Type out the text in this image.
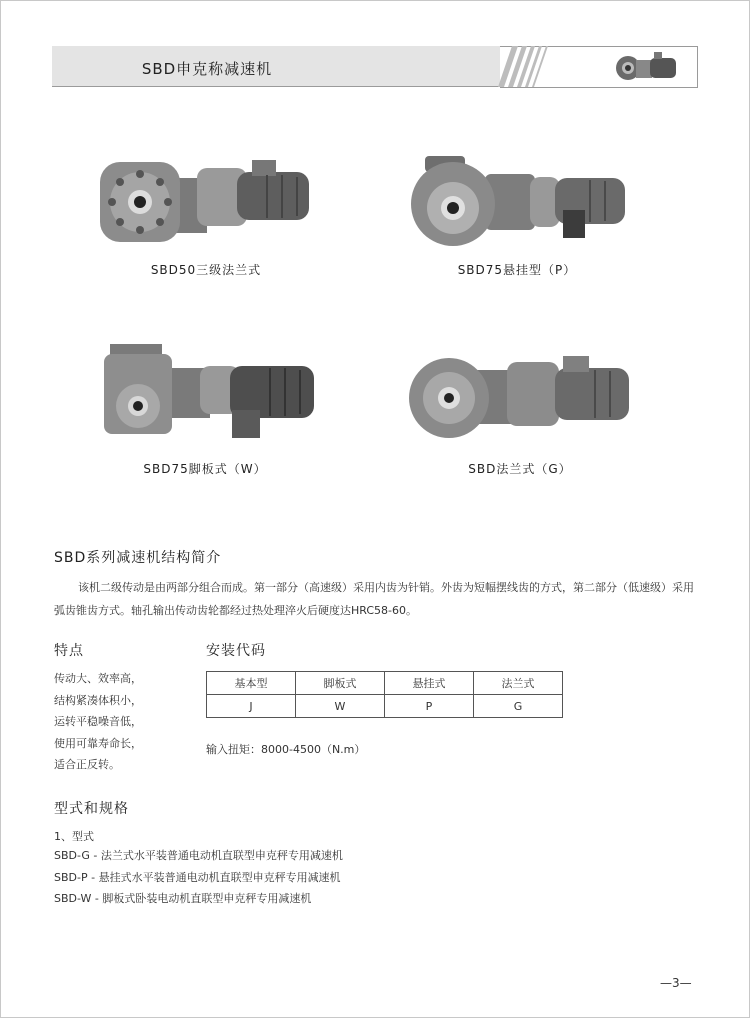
SBD申克称减速机
SBD50三级法兰式	SBD75悬挂型（P）
SBD75脚板式（W）	SBD法兰式（G）
SBD系列减速机结构简介
该机二级传动是由两部分组合而成。第一部分（高速级）采用内齿为针销。外齿为短幅摆线齿的方式，第二部分（低速级）采用弧齿锥齿方式。轴孔输出传动齿轮都经过热处理淬火后硬度达HRC58-60。
特点
传动大、效率高，
结构紧凑体积小，
运转平稳噪音低，
使用可靠寿命长，
适合正反转。
安装代码
基本型	脚板式	悬挂式	法兰式
J	W	P	G
输入扭矩：8000-4500（N.m）
型式和规格
1、型式
SBD-G - 法兰式水平装普通电动机直联型申克秤专用减速机
SBD-P - 悬挂式水平装普通电动机直联型申克秤专用减速机
SBD-W - 脚板式卧装电动机直联型申克秤专用减速机
—3—
